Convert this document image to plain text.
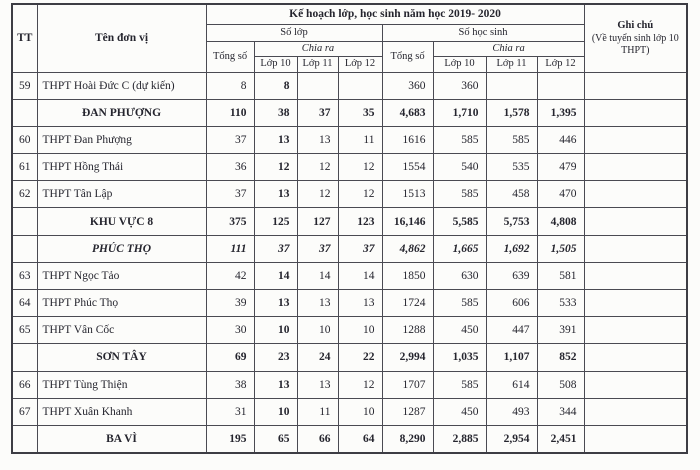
TT	Tên đơn vị	Kế hoạch lớp, học sinh năm học 2019- 2020								Ghi chú
(Về tuyển sinh lớp 10 THPT)

		Số lớp				Số học sinh				
		Tổng số	Chia ra			Tổng số	Chia ra			
			Lớp 10	Lớp 11	Lớp 12		Lớp 10	Lớp 11	Lớp 12	
59	THPT Hoài Đức C (dự kiến)	8	8			360	360			
	ĐAN PHƯỢNG	110	38	37	35	4,683	1,710	1,578	1,395	
60	THPT Đan Phượng	37	13	13	11	1616	585	585	446	
61	THPT Hồng Thái	36	12	12	12	1554	540	535	479	
62	THPT Tân Lập	37	13	12	12	1513	585	458	470	
	KHU VỰC 8	375	125	127	123	16,146	5,585	5,753	4,808	
	PHÚC THỌ	111	37	37	37	4,862	1,665	1,692	1,505	
63	THPT Ngọc Tảo	42	14	14	14	1850	630	639	581	
64	THPT Phúc Thọ	39	13	13	13	1724	585	606	533	
65	THPT Vân Cốc	30	10	10	10	1288	450	447	391	
	SƠN TÂY	69	23	24	22	2,994	1,035	1,107	852	
66	THPT Tùng Thiện	38	13	13	12	1707	585	614	508	
67	THPT Xuân Khanh	31	10	11	10	1287	450	493	344	
	BA VÌ	195	65	66	64	8,290	2,885	2,954	2,451	
